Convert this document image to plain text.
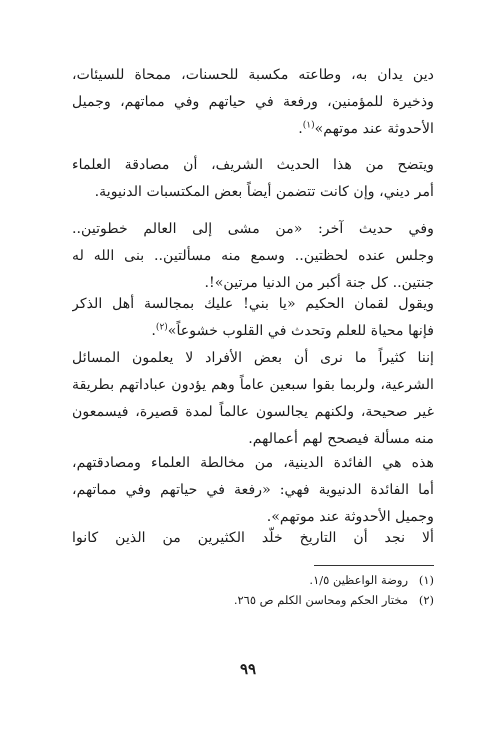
دين يدان به، وطاعته مكسبة للحسنات، ممحاة للسيئات،
وذخيرة للمؤمنين، ورفعة في حياتهم وفي مماتهم، وجميل
الأحدوثة عند موتهم»$^{(١)}$.
ويتضح من هذا الحديث الشريف، أن مصادقة العلماء
أمر ديني، وإن كانت تتضمن أيضاً بعض المكتسبات الدنيوية.
وفي حديث آخر: «من مشى إلى العالم خطوتين..
وجلس عنده لحظتين.. وسمع منه مسألتين.. بنى الله له
جنتين.. كل جنة أكبر من الدنيا مرتين»!.
ويقول لقمان الحكيم «يا بني! عليك بمجالسة أهل الذكر
فإنها محياة للعلم وتحدث في القلوب خشوعاً»$^{(٢)}$.
إننا كثيراً ما نرى أن بعض الأفراد لا يعلمون المسائل
الشرعية، ولربما بقوا سبعين عاماً وهم يؤدون عباداتهم بطريقة
غير صحيحة، ولكنهم يجالسون عالماً لمدة قصيرة، فيسمعون
منه مسألة فيصحح لهم أعمالهم.
هذه هي الفائدة الدينية، من مخالطة العلماء ومصادقتهم،
أما الفائدة الدنيوية فهي: «رفعة في حياتهم وفي مماتهم،
وجميل الأحدوثة عند موتهم».
ألا نجد أن التاريخ خلّد الكثيرين من الذين كانوا
(١)روضة الواعظين ١/٥.
(٢)مختار الحكم ومحاسن الكلم ص ٢٦٥.
٩٩
